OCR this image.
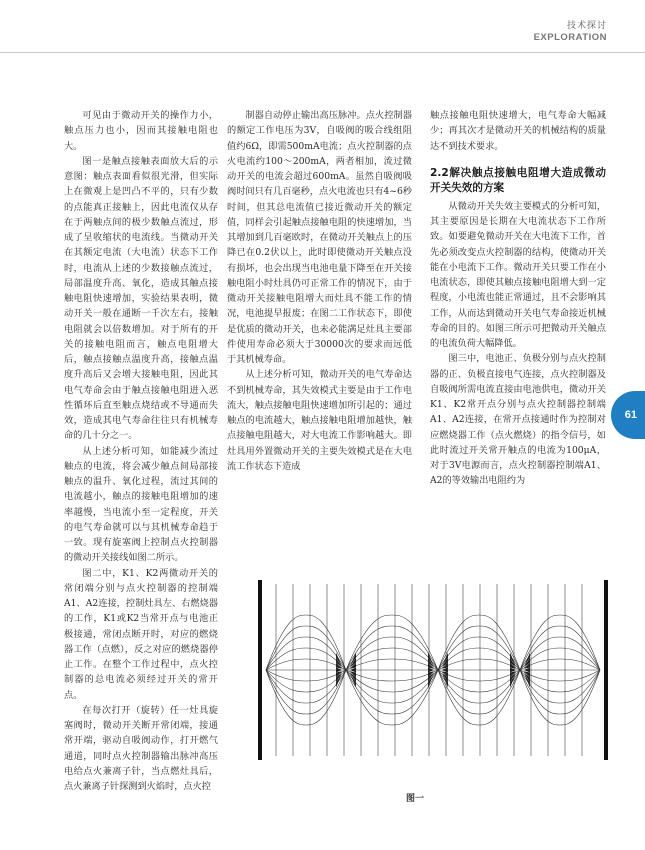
技术探讨
EXPLORATION

可见由于微动开关的操作力小，触点压力也小，因而其接触电阻也大。

图一是触点接触表面放大后的示意图：触点表面看似很光滑，但实际上在微观上是凹凸不平的，只有少数的点能真正接触上，因此电流仅从存在于两触点间的极少数触点流过，形成了呈收缩状的电流线。当微动开关在其额定电流（大电流）状态下工作时，电流从上述的少数接触点流过，局部温度升高、氧化，造成其触点接触电阻快速增加，实验结果表明，微动开关一般在通断一千次左右，接触电阻就会以倍数增加。对于所有的开关的接触电阻而言，触点电阻增大后，触点接触点温度升高，接触点温度升高后又会增大接触电阻，因此其电气寿命会由于触点接触电阻进入恶性循环后直至触点烧结或不导通而失效，造成其电气寿命往往只有机械寿命的几十分之一。

从上述分析可知，如能减少流过触点的电流，将会减少触点间局部接触点的温升、氧化过程，流过其间的电流越小，触点的接触电阻增加的速率越慢，当电流小至一定程度，开关的电气寿命就可以与其机械寿命趋于一致。现有旋塞阀上控制点火控制器的微动开关接线如图二所示。

图二中，K1、K2两微动开关的常闭端分别与点火控制器的控制端A1、A2连接，控制灶具左、右燃烧器的工作，K1或K2当常开点与电池正极接通，常闭点断开时，对应的燃烧器工作（点燃），反之对应的燃烧器停止工作。在整个工作过程中，点火控制器的总电流必须经过开关的常开点。

在每次打开（旋转）任一灶具旋塞阀时，微动开关断开常闭端，接通常开端，驱动自吸阀动作，打开燃气通道，同时点火控制器输出脉冲高压电给点火兼离子针，当点燃灶具后，点火兼离子针探测到火焰时，点火控

制器自动停止输出高压脉冲。点火控制器的额定工作电压为3V，自吸阀的吸合线组阻值约6Ω，即需500mA电流；点火控制器的点火电流约100～200mA，两者相加，流过微动开关的电流会超过600mA。虽然自吸阀吸阀时间只有几百毫秒，点火电流也只有4~6秒时间，但其总电流值已接近微动开关的额定值，同样会引起触点接触电阻的快速增加，当其增加到几百毫欧时，在微动开关触点上的压降已在0.2伏以上，此时即使微动开关触点没有损坏，也会出现当电池电量下降至在开关接触电阻小时灶具仍可正常工作的情况下，由于微动开关接触电阻增大而灶具不能工作的情况，电池提早报废；在图二工作状态下，即使是优质的微动开关，也未必能满足灶具主要部件使用寿命必须大于30000次的要求而远低于其机械寿命。

从上述分析可知，微动开关的电气寿命达不到机械寿命，其失效模式主要是由于工作电流大，触点接触电阻快速增加所引起的；通过触点的电流越大，触点接触电阻增加越快，触点接触电阻越大，对大电流工作影响越大。即灶具用外置微动开关的主要失效模式是在大电流工作状态下造成

触点接触电阻快速增大，电气寿命大幅减少；再其次才是微动开关的机械结构的质量达不到技术要求。

2.2解决触点接触电阻增大造成微动开关失效的方案

从微动开关失效主要模式的分析可知，其主要原因是长期在大电流状态下工作所致。如要避免微动开关在大电流下工作，首先必须改变点火控制器的结构，使微动开关能在小电流下工作。微动开关只要工作在小电流状态，即使其触点接触电阻增大到一定程度，小电流也能正常通过，且不会影响其工作，从而达到微动开关电气寿命接近机械寿命的目的。如图三所示可把微动开关触点的电流负荷大幅降低。

图三中，电池正、负极分别与点火控制器的正、负极直接电气连接，点火控制器及自吸阀所需电流直接由电池供电，微动开关K1、K2常开点分别与点火控制器控制端A1、A2连接，在常开点接通时作为控制对应燃烧器工作（点火燃烧）的指令信号，如此时流过开关常开触点的电流为100μA，对于3V电源而言，点火控制器控制端A1、A2的等效输出电阻约为

61
图一
